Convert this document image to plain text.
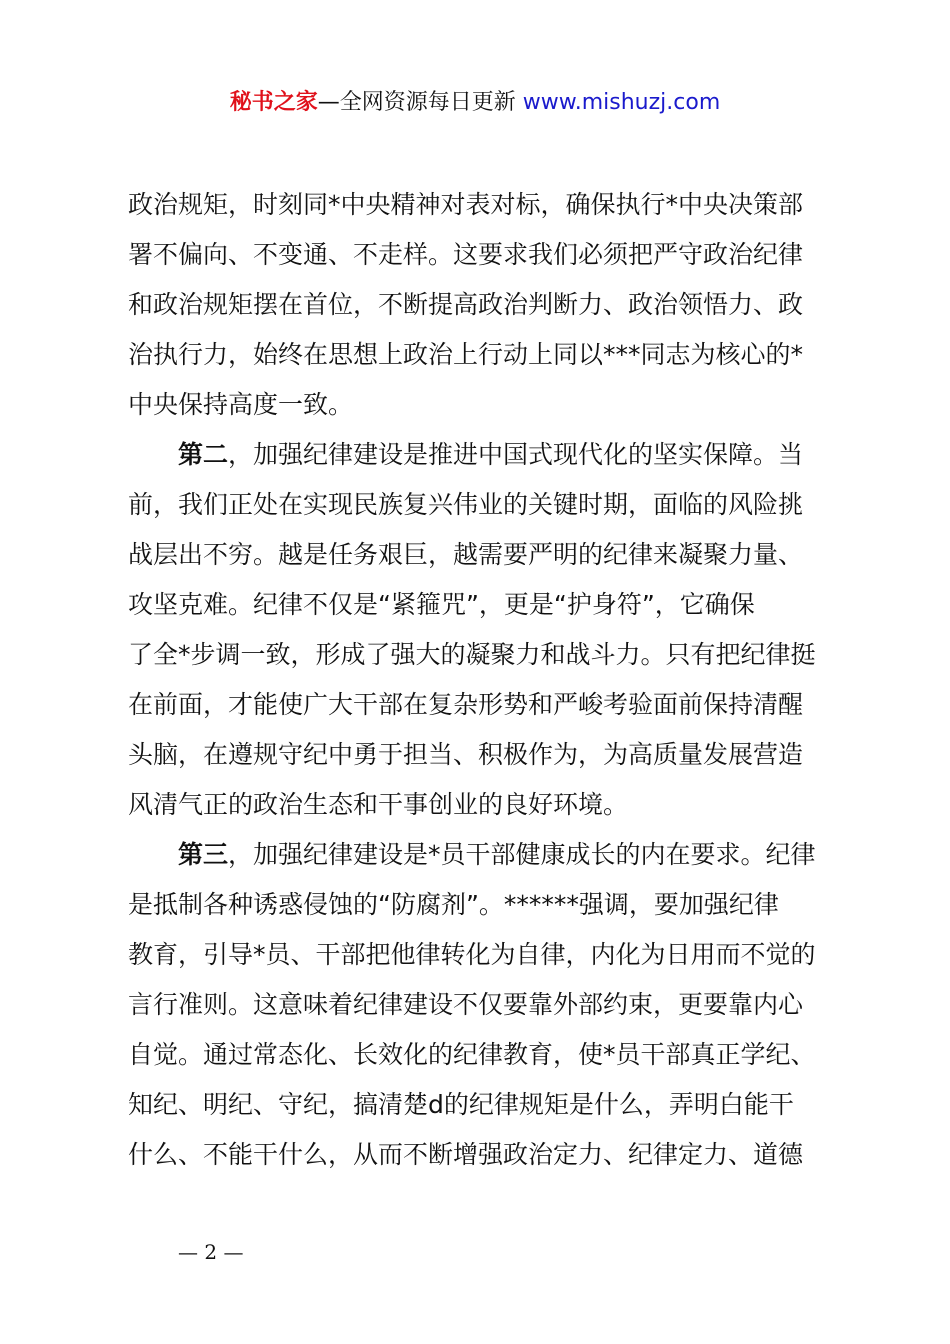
秘书之家—全网资源每日更新 www.mishuzj.com
政治规矩，时刻同*中央精神对表对标，确保执行*中央决策部
署不偏向、不变通、不走样。这要求我们必须把严守政治纪律
和政治规矩摆在首位，不断提高政治判断力、政治领悟力、政
治执行力，始终在思想上政治上行动上同以***同志为核心的*
中央保持高度一致。
第二，加强纪律建设是推进中国式现代化的坚实保障。当
前，我们正处在实现民族复兴伟业的关键时期，面临的风险挑
战层出不穷。越是任务艰巨，越需要严明的纪律来凝聚力量、
攻坚克难。纪律不仅是“紧箍咒”，更是“护身符”，它确保
了全*步调一致，形成了强大的凝聚力和战斗力。只有把纪律挺
在前面，才能使广大干部在复杂形势和严峻考验面前保持清醒
头脑，在遵规守纪中勇于担当、积极作为，为高质量发展营造
风清气正的政治生态和干事创业的良好环境。
第三，加强纪律建设是*员干部健康成长的内在要求。纪律
是抵制各种诱惑侵蚀的“防腐剂”。******强调，要加强纪律
教育，引导*员、干部把他律转化为自律，内化为日用而不觉的
言行准则。这意味着纪律建设不仅要靠外部约束，更要靠内心
自觉。通过常态化、长效化的纪律教育，使*员干部真正学纪、
知纪、明纪、守纪，搞清楚d的纪律规矩是什么，弄明白能干
什么、不能干什么，从而不断增强政治定力、纪律定力、道德
— 2 —
